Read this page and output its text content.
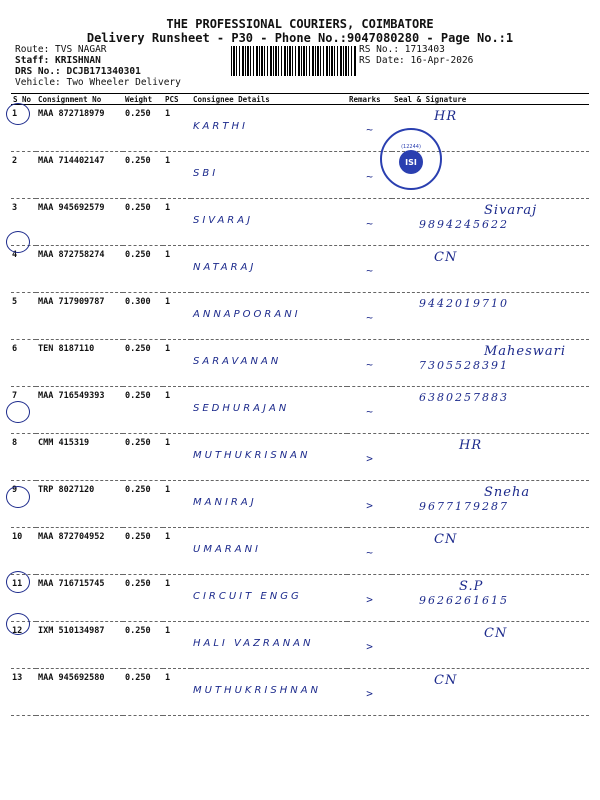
THE PROFESSIONAL COURIERS, COIMBATORE
Delivery Runsheet - P30 - Phone No.:9047080280 - Page No.:1
Route: TVS NAGAR
Staff: KRISHNAN
DRS No.: DCJB171340301
Vehicle: Two Wheeler Delivery
RS No.: 1713403
RS Date: 16-Apr-2026
S No	Consignment No	Weight	PCS	Consignee Details	Remarks	Seal & Signature
1	MAA 872718979	0.250	1	KARTHI	~	HR

2	MAA 714402147	0.250	1	SBI	~	

3	MAA 945692579	0.250	1	SIVARAJ	~	Sivaraj
9894245622

4	MAA 872758274	0.250	1	NATARAJ	~	CN

5	MAA 717909787	0.300	1	ANNAPOORANI	~	9442019710

6	TEN 8187110	0.250	1	SARAVANAN	~	Maheswari
7305528391

7	MAA 716549393	0.250	1	SEDHURAJAN	~	6380257883

8	CMM 415319	0.250	1	MUTHUKRISNAN	>	HR

9	TRP 8027120	0.250	1	MANIRAJ	>	Sneha
9677179287

10	MAA 872704952	0.250	1	UMARANI	~	CN

11	MAA 716715745	0.250	1	CIRCUIT ENGG	>	S.P
9626261615

12	IXM 510134987	0.250	1	HALI VAZRANAN	>	CN

13	MAA 945692580	0.250	1	MUTHUKRISHNAN	>	CN
(12244)
ISI
